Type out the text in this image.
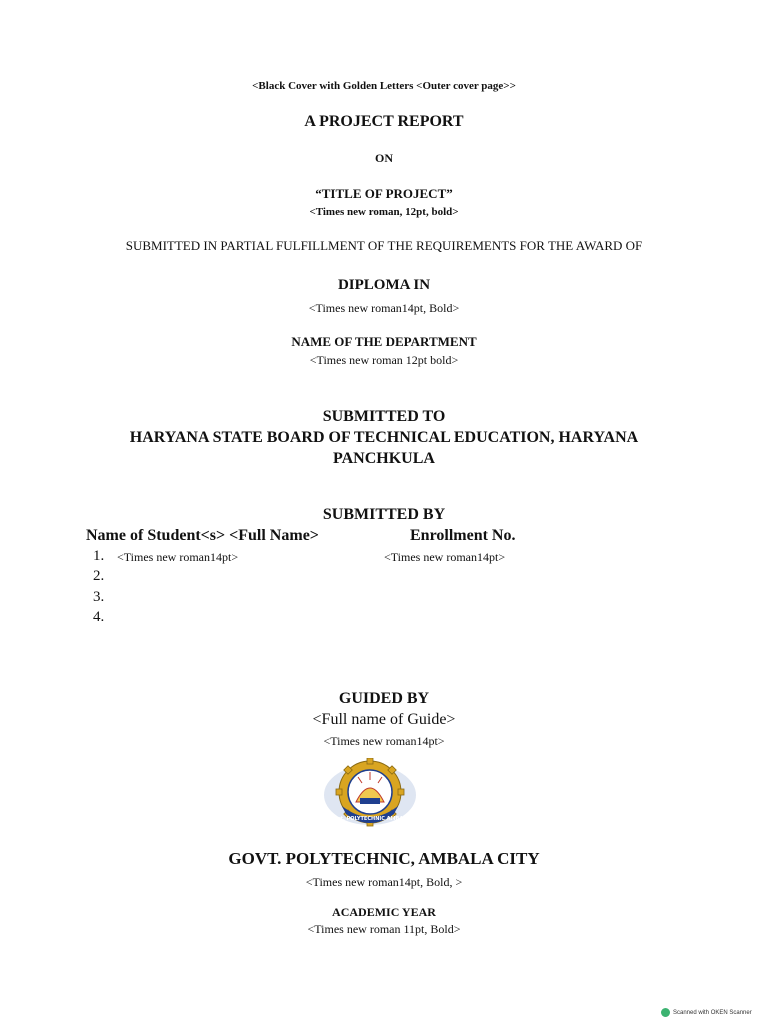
<Black Cover with Golden Letters <Outer cover page>>
A PROJECT REPORT
ON
“TITLE OF PROJECT”
<Times new roman, 12pt, bold>
SUBMITTED IN PARTIAL FULFILLMENT OF THE REQUIREMENTS FOR THE AWARD OF
DIPLOMA IN
<Times new roman14pt, Bold>
NAME OF THE DEPARTMENT
<Times new roman 12pt bold>
SUBMITTED TO
HARYANA STATE BOARD OF TECHNICAL EDUCATION, HARYANA
PANCHKULA
SUBMITTED BY
Name of Student<s> <Full Name>	Enrollment No.
1. <Times new roman14pt>	<Times new roman14pt>
2.
3.
4.
GUIDED BY
<Full name of Guide>
<Times new roman14pt>
Govt. POLYTECHNIC AMBALA
GOVT. POLYTECHNIC, AMBALA CITY
<Times new roman14pt, Bold, >
ACADEMIC YEAR
<Times new roman 11pt, Bold>
Scanned with OKEN Scanner
